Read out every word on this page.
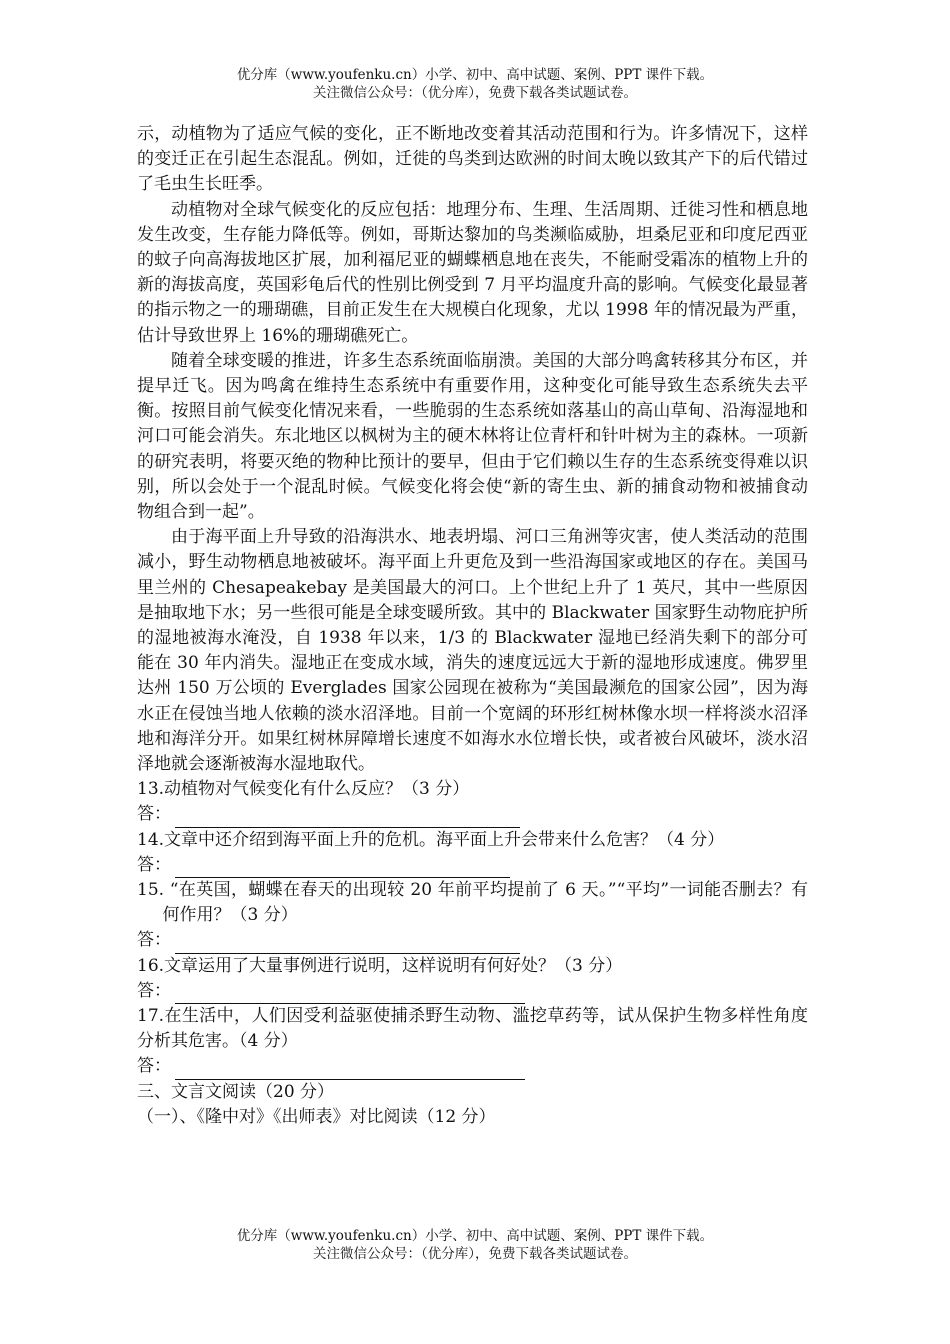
优分库（www.youfenku.cn）小学、初中、高中试题、案例、PPT 课件下载。
关注微信公众号：（优分库），免费下载各类试题试卷。

示，动植物为了适应气候的变化，正不断地改变着其活动范围和行为。许多情况下，这样的变迁正在引起生态混乱。例如，迁徙的鸟类到达欧洲的时间太晚以致其产下的后代错过了毛虫生长旺季。

动植物对全球气候变化的反应包括：地理分布、生理、生活周期、迁徙习性和栖息地发生改变，生存能力降低等。例如，哥斯达黎加的鸟类濒临威胁，坦桑尼亚和印度尼西亚的蚊子向高海拔地区扩展，加利福尼亚的蝴蝶栖息地在丧失，不能耐受霜冻的植物上升的新的海拔高度，英国彩龟后代的性别比例受到 7 月平均温度升高的影响。气候变化最显著的指示物之一的珊瑚礁，目前正发生在大规模白化现象，尤以 1998 年的情况最为严重，估计导致世界上 16%的珊瑚礁死亡。

随着全球变暖的推进，许多生态系统面临崩溃。美国的大部分鸣禽转移其分布区，并提早迁飞。因为鸣禽在维持生态系统中有重要作用，这种变化可能导致生态系统失去平衡。按照目前气候变化情况来看，一些脆弱的生态系统如落基山的高山草甸、沿海湿地和河口可能会消失。东北地区以枫树为主的硬木林将让位青杆和针叶树为主的森林。一项新的研究表明，将要灭绝的物种比预计的要早，但由于它们赖以生存的生态系统变得难以识别，所以会处于一个混乱时候。气候变化将会使“新的寄生虫、新的捕食动物和被捕食动物组合到一起”。

由于海平面上升导致的沿海洪水、地表坍塌、河口三角洲等灾害，使人类活动的范围减小，野生动物栖息地被破坏。海平面上升更危及到一些沿海国家或地区的存在。美国马里兰州的 Chesapeakebay 是美国最大的河口。上个世纪上升了 1 英尺，其中一些原因是抽取地下水；另一些很可能是全球变暖所致。其中的 Blackwater 国家野生动物庇护所的湿地被海水淹没，自 1938 年以来，1/3 的 Blackwater 湿地已经消失剩下的部分可能在 30 年内消失。湿地正在变成水域，消失的速度远远大于新的湿地形成速度。佛罗里达州 150 万公顷的 Everglades 国家公园现在被称为“美国最濒危的国家公园”，因为海水正在侵蚀当地人依赖的淡水沼泽地。目前一个宽阔的环形红树林像水坝一样将淡水沼泽地和海洋分开。如果红树林屏障增长速度不如海水水位增长快，或者被台风破坏，淡水沼泽地就会逐渐被海水湿地取代。

13.动植物对气候变化有什么反应？（3 分）

答：

14.文章中还介绍到海平面上升的危机。海平面上升会带来什么危害？（4 分）

答：

15. “在英国，蝴蝶在春天的出现较 20 年前平均提前了 6 天。”“平均”一词能否删去？有何作用？（3 分）

答：

16.文章运用了大量事例进行说明，这样说明有何好处？（3 分）

答：

17.在生活中，人们因受利益驱使捕杀野生动物、滥挖草药等，试从保护生物多样性角度分析其危害。（4 分）

答：

三、文言文阅读（20 分）

（一）、《隆中对》《出师表》对比阅读（12 分）

优分库（www.youfenku.cn）小学、初中、高中试题、案例、PPT 课件下载。
关注微信公众号：（优分库），免费下载各类试题试卷。
